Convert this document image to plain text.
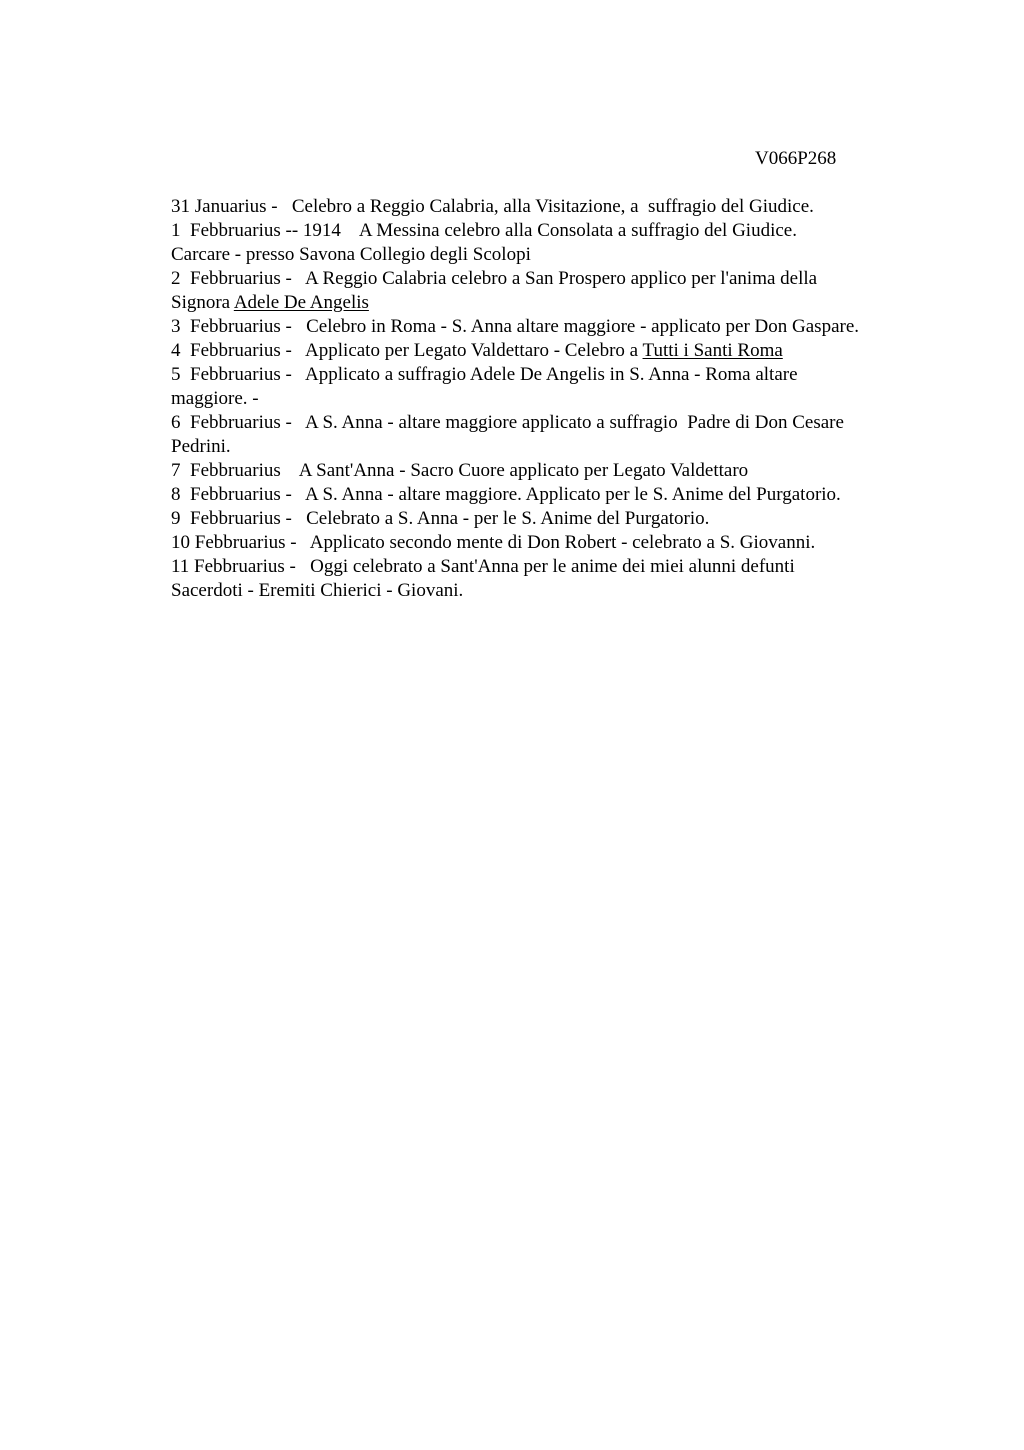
V066P268
31 Januarius -   Celebro a Reggio Calabria, alla Visitazione, a  suffragio del Giudice.
1  Febbruarius -- 1914    A Messina celebro alla Consolata a suffragio del Giudice.
Carcare - presso Savona Collegio degli Scolopi
2  Febbruarius -   A Reggio Calabria celebro a San Prospero applico per l'anima della
Signora Adele De Angelis
3  Febbruarius -   Celebro in Roma - S. Anna altare maggiore - applicato per Don Gaspare.
4  Febbruarius -   Applicato per Legato Valdettaro - Celebro a Tutti i Santi Roma
5  Febbruarius -   Applicato a suffragio Adele De Angelis in S. Anna - Roma altare
maggiore. -
6  Febbruarius -   A S. Anna - altare maggiore applicato a suffragio  Padre di Don Cesare
Pedrini.
7  Febbruarius    A Sant'Anna - Sacro Cuore applicato per Legato Valdettaro
8  Febbruarius -   A S. Anna - altare maggiore. Applicato per le S. Anime del Purgatorio.
9  Febbruarius -   Celebrato a S. Anna - per le S. Anime del Purgatorio.
10 Febbruarius -   Applicato secondo mente di Don Robert - celebrato a S. Giovanni.
11 Febbruarius -   Oggi celebrato a Sant'Anna per le anime dei miei alunni defunti
Sacerdoti - Eremiti Chierici - Giovani.
